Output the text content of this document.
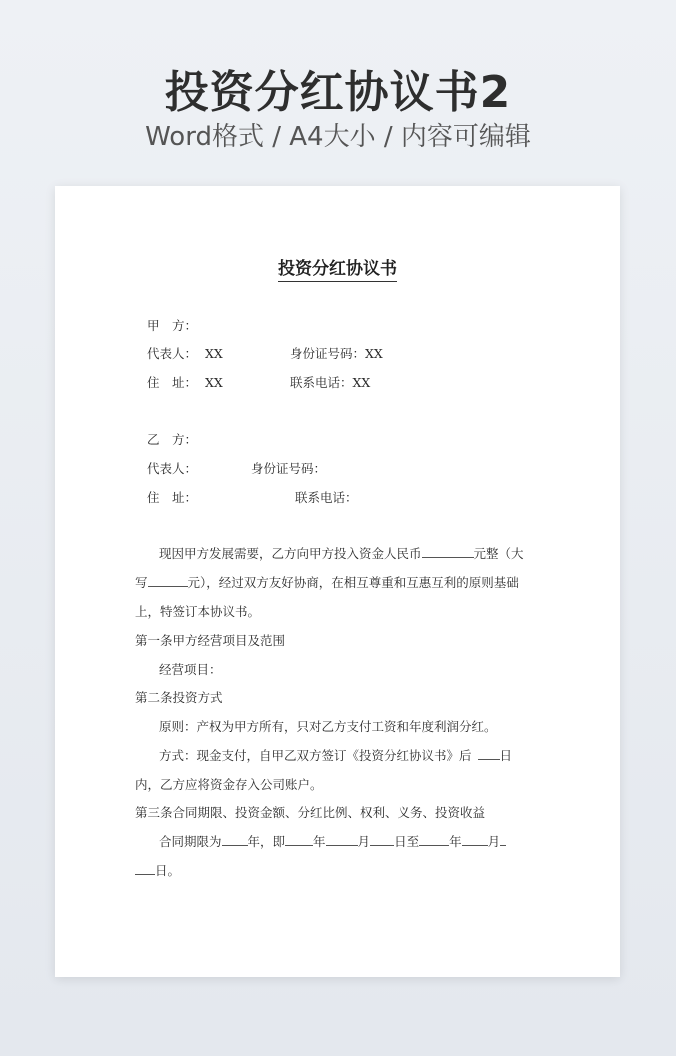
投资分红协议书2
Word格式 / A4大小 / 内容可编辑
投资分红协议书
甲　方：
代表人： XX	身份证号码：XX
住　址： XX	联系电话：XX
乙　方：
代表人：	身份证号码：
住　址：	联系电话：
现因甲方发展需要，乙方向甲方投入资金人民币	元整（大
写	元），经过双方友好协商，在相互尊重和互惠互利的原则基础
上，特签订本协议书。
第一条甲方经营项目及范围
经营项目：
第二条投资方式
原则：产权为甲方所有，只对乙方支付工资和年度利润分红。
方式：现金支付，自甲乙双方签订《投资分红协议书》后 日
内，乙方应将资金存入公司账户。
第三条合同期限、投资金额、分红比例、权利、义务、投资收益
合同期限为 年，即 年	月 日至 年 月
日。
